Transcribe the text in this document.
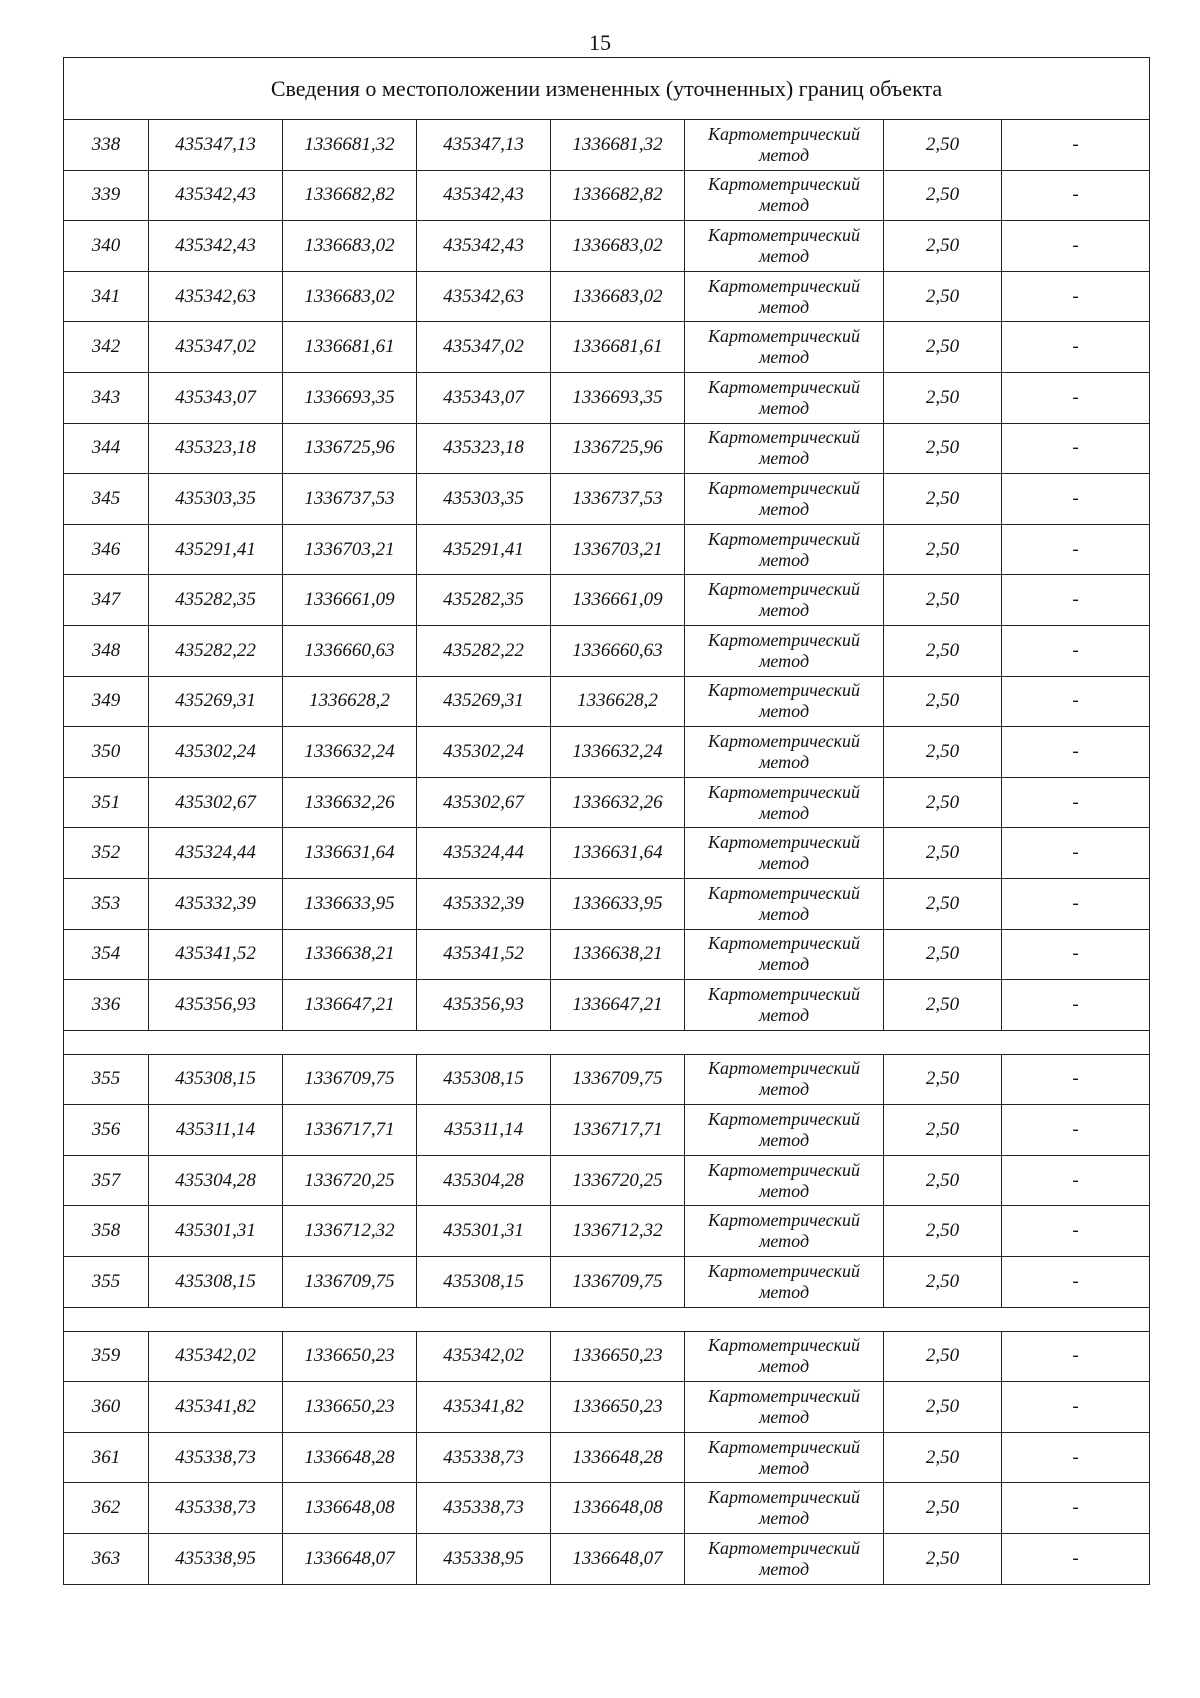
15
Сведения о местоположении измененных (уточненных) границ объекта							
338	435347,13	1336681,32	435347,13	1336681,32	Картометрический
метод	2,50	-
339	435342,43	1336682,82	435342,43	1336682,82	Картометрический
метод	2,50	-
340	435342,43	1336683,02	435342,43	1336683,02	Картометрический
метод	2,50	-
341	435342,63	1336683,02	435342,63	1336683,02	Картометрический
метод	2,50	-
342	435347,02	1336681,61	435347,02	1336681,61	Картометрический
метод	2,50	-
343	435343,07	1336693,35	435343,07	1336693,35	Картометрический
метод	2,50	-
344	435323,18	1336725,96	435323,18	1336725,96	Картометрический
метод	2,50	-
345	435303,35	1336737,53	435303,35	1336737,53	Картометрический
метод	2,50	-
346	435291,41	1336703,21	435291,41	1336703,21	Картометрический
метод	2,50	-
347	435282,35	1336661,09	435282,35	1336661,09	Картометрический
метод	2,50	-
348	435282,22	1336660,63	435282,22	1336660,63	Картометрический
метод	2,50	-
349	435269,31	1336628,2	435269,31	1336628,2	Картометрический
метод	2,50	-
350	435302,24	1336632,24	435302,24	1336632,24	Картометрический
метод	2,50	-
351	435302,67	1336632,26	435302,67	1336632,26	Картометрический
метод	2,50	-
352	435324,44	1336631,64	435324,44	1336631,64	Картометрический
метод	2,50	-
353	435332,39	1336633,95	435332,39	1336633,95	Картометрический
метод	2,50	-
354	435341,52	1336638,21	435341,52	1336638,21	Картометрический
метод	2,50	-
336	435356,93	1336647,21	435356,93	1336647,21	Картометрический
метод	2,50	-

355	435308,15	1336709,75	435308,15	1336709,75	Картометрический
метод	2,50	-
356	435311,14	1336717,71	435311,14	1336717,71	Картометрический
метод	2,50	-
357	435304,28	1336720,25	435304,28	1336720,25	Картометрический
метод	2,50	-
358	435301,31	1336712,32	435301,31	1336712,32	Картометрический
метод	2,50	-
355	435308,15	1336709,75	435308,15	1336709,75	Картометрический
метод	2,50	-

359	435342,02	1336650,23	435342,02	1336650,23	Картометрический
метод	2,50	-
360	435341,82	1336650,23	435341,82	1336650,23	Картометрический
метод	2,50	-
361	435338,73	1336648,28	435338,73	1336648,28	Картометрический
метод	2,50	-
362	435338,73	1336648,08	435338,73	1336648,08	Картометрический
метод	2,50	-
363	435338,95	1336648,07	435338,95	1336648,07	Картометрический
метод	2,50	-
